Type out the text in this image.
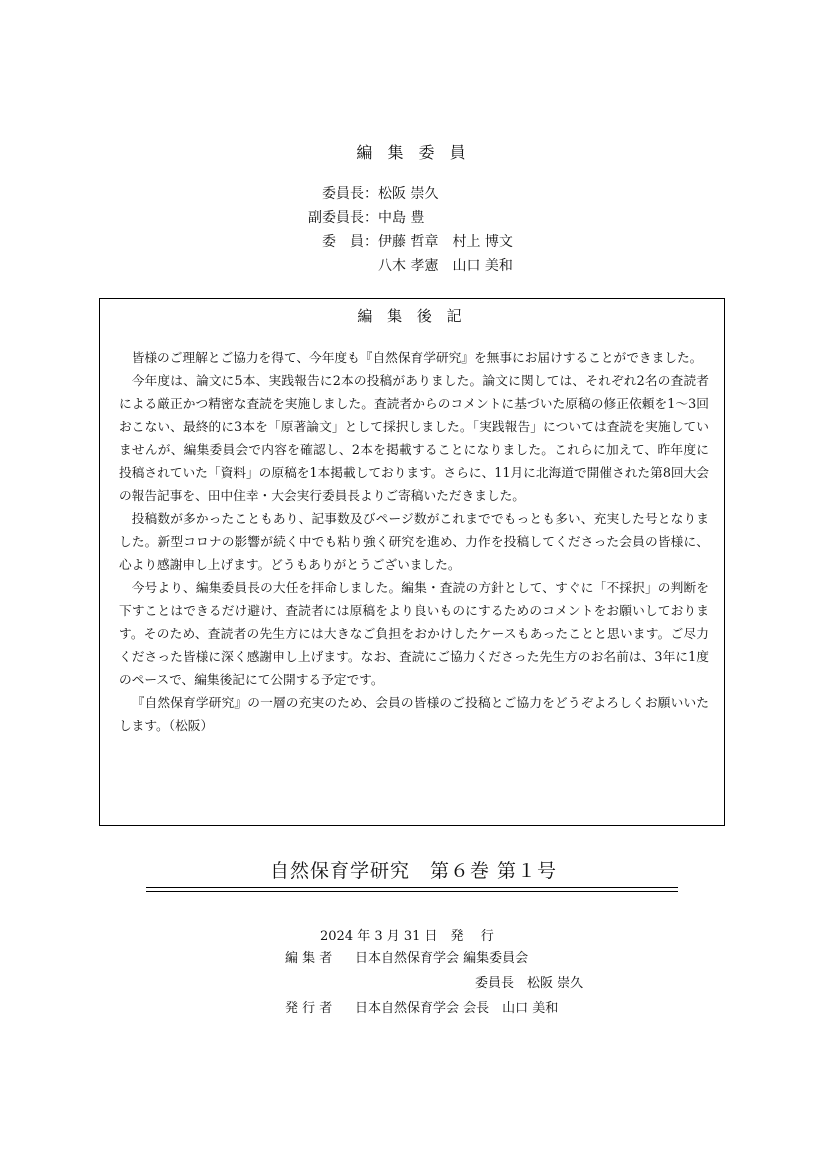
編 集 委 員
委員長： 松阪 崇久
副委員長： 中島 豊
委　員： 伊藤 哲章　村上 博文
八木 孝憲　山口 美和
編 集 後 記

皆様のご理解とご協力を得て、今年度も『自然保育学研究』を無事にお届けすることができました。

今年度は、論文に5本、実践報告に2本の投稿がありました。論文に関しては、それぞれ2名の査読者による厳正かつ精密な査読を実施しました。査読者からのコメントに基づいた原稿の修正依頼を1〜3回おこない、最終的に3本を「原著論文」として採択しました。「実践報告」については査読を実施していませんが、編集委員会で内容を確認し、2本を掲載することになりました。これらに加えて、昨年度に投稿されていた「資料」の原稿を1本掲載しております。さらに、11月に北海道で開催された第8回大会の報告記事を、田中住幸・大会実行委員長よりご寄稿いただきました。

投稿数が多かったこともあり、記事数及びページ数がこれまででもっとも多い、充実した号となりました。新型コロナの影響が続く中でも粘り強く研究を進め、力作を投稿してくださった会員の皆様に、心より感謝申し上げます。どうもありがとうございました。

今号より、編集委員長の大任を拝命しました。編集・査読の方針として、すぐに「不採択」の判断を下すことはできるだけ避け、査読者には原稿をより良いものにするためのコメントをお願いしております。そのため、査読者の先生方には大きなご負担をおかけしたケースもあったことと思います。ご尽力くださった皆様に深く感謝申し上げます。なお、査読にご協力くださった先生方のお名前は、3年に1度のペースで、編集後記にて公開する予定です。

『自然保育学研究』の一層の充実のため、会員の皆様のご投稿とご協力をどうぞよろしくお願いいたします。（松阪）

自然保育学研究　第６巻 第１号
2024 年 3 月 31 日　発　 行
編 集 者 日本自然保育学会 編集委員会
委員長　松阪 崇久
発 行 者 日本自然保育学会 会長　山口 美和
